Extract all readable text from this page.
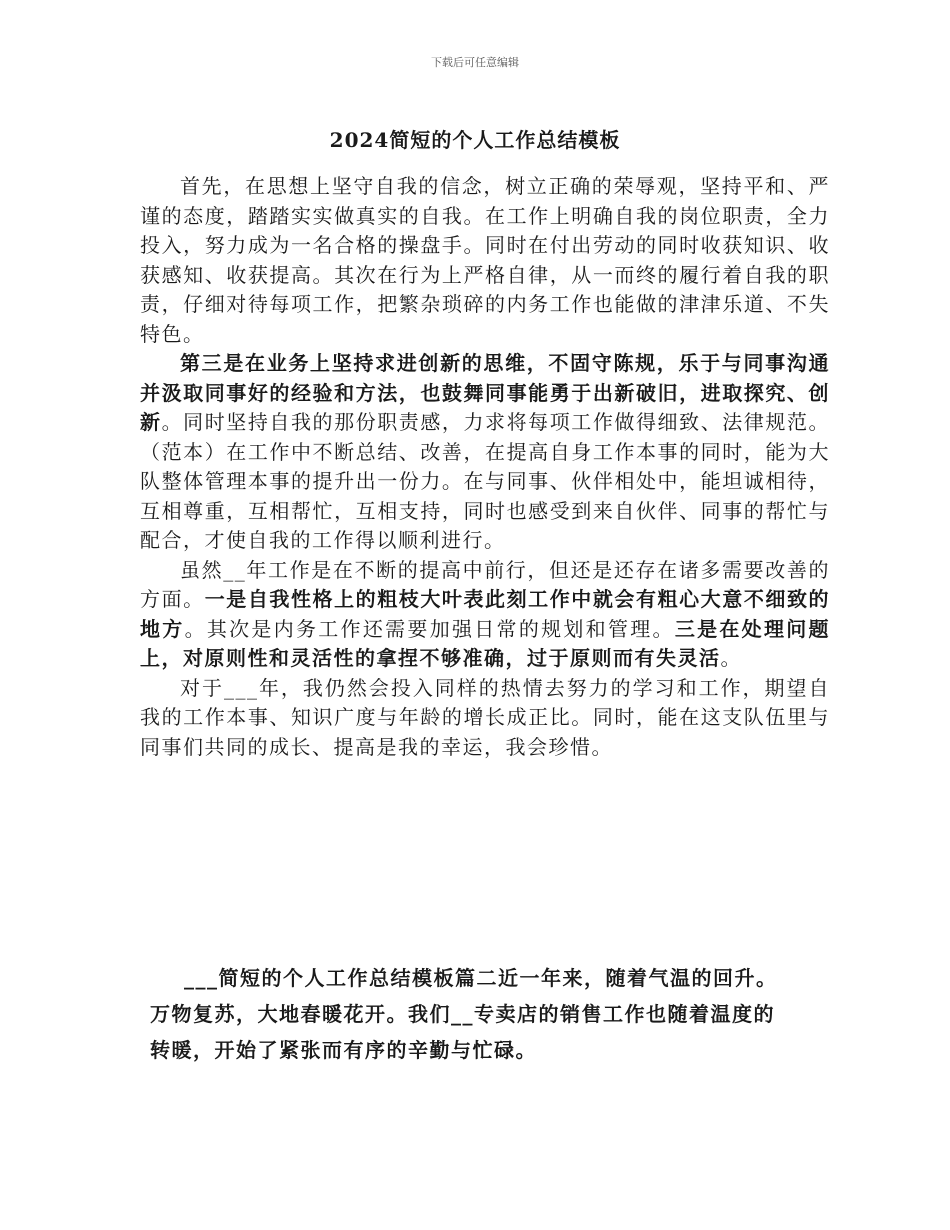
下载后可任意编辑
2024简短的个人工作总结模板

首先，在思想上坚守自我的信念，树立正确的荣辱观，坚持平和、严谨的态度，踏踏实实做真实的自我。在工作上明确自我的岗位职责，全力投入，努力成为一名合格的操盘手。同时在付出劳动的同时收获知识、收获感知、收获提高。其次在行为上严格自律，从一而终的履行着自我的职责，仔细对待每项工作，把繁杂琐碎的内务工作也能做的津津乐道、不失特色。

第三是在业务上坚持求进创新的思维，不固守陈规，乐于与同事沟通并汲取同事好的经验和方法，也鼓舞同事能勇于出新破旧，进取探究、创新。同时坚持自我的那份职责感，力求将每项工作做得细致、法律规范。（范本）在工作中不断总结、改善，在提高自身工作本事的同时，能为大队整体管理本事的提升出一份力。在与同事、伙伴相处中，能坦诚相待，互相尊重，互相帮忙，互相支持，同时也感受到来自伙伴、同事的帮忙与配合，才使自我的工作得以顺利进行。

虽然__年工作是在不断的提高中前行，但还是还存在诸多需要改善的方面。一是自我性格上的粗枝大叶表此刻工作中就会有粗心大意不细致的地方。其次是内务工作还需要加强日常的规划和管理。三是在处理问题上，对原则性和灵活性的拿捏不够准确，过于原则而有失灵活。

对于___年，我仍然会投入同样的热情去努力的学习和工作，期望自我的工作本事、知识广度与年龄的增长成正比。同时，能在这支队伍里与同事们共同的成长、提高是我的幸运，我会珍惜。

___简短的个人工作总结模板篇二近一年来，随着气温的回升。

万物复苏，大地春暖花开。我们__专卖店的销售工作也随着温度的

转暖，开始了紧张而有序的辛勤与忙碌。
